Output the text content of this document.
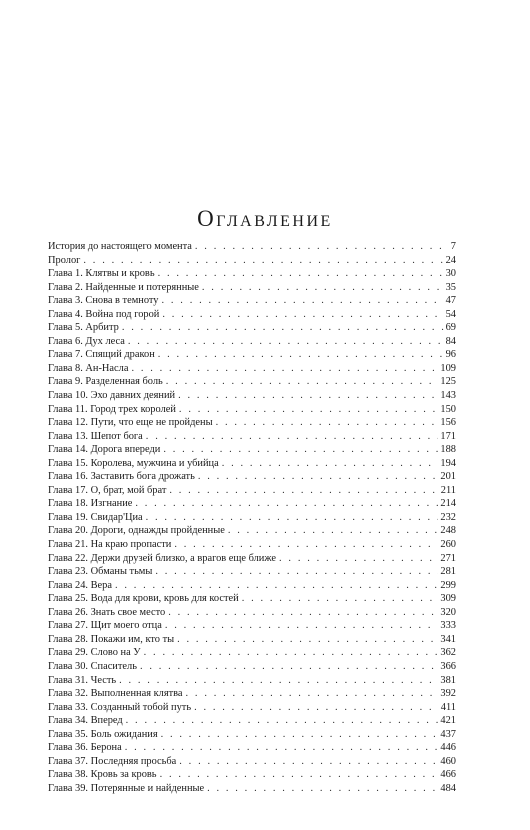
Оглавление
История до настоящего момента . . .	7
Пролог . . .	24
Глава 1. Клятвы и кровь . . .	30
Глава 2. Найденные и потерянные . . .	35
Глава 3. Снова в темноту . . .	47
Глава 4. Война под горой . . .	54
Глава 5. Арбитр . . .	69
Глава 6. Дух леса . . .	84
Глава 7. Спящий дракон . . .	96
Глава 8. Ан-Насла . . .	109
Глава 9. Разделенная боль . . .	125
Глава 10. Эхо давних деяний . . .	143
Глава 11. Город трех королей . . .	150
Глава 12. Пути, что еще не пройдены . . .	156
Глава 13. Шепот бога . . .	171
Глава 14. Дорога впереди . . .	188
Глава 15. Королева, мужчина и убийца . . .	194
Глава 16. Заставить бога дрожать . . .	201
Глава 17. О, брат, мой брат . . .	211
Глава 18. Изгнание . . .	214
Глава 19. Свидар'Циа . . .	232
Глава 20. Дороги, однажды пройденные . . .	248
Глава 21. На краю пропасти . . .	260
Глава 22. Держи друзей близко, а врагов еще ближе . . .	271
Глава 23. Обманы тьмы . . .	281
Глава 24. Вера . . .	299
Глава 25. Вода для крови, кровь для костей . . .	309
Глава 26. Знать свое место . . .	320
Глава 27. Щит моего отца . . .	333
Глава 28. Покажи им, кто ты . . .	341
Глава 29. Слово на У . . .	362
Глава 30. Спаситель . . .	366
Глава 31. Честь . . .	381
Глава 32. Выполненная клятва . . .	392
Глава 33. Созданный тобой путь . . .	411
Глава 34. Вперед . . .	421
Глава 35. Боль ожидания . . .	437
Глава 36. Берона . . .	446
Глава 37. Последняя просьба . . .	460
Глава 38. Кровь за кровь . . .	466
Глава 39. Потерянные и найденные . . .	484
